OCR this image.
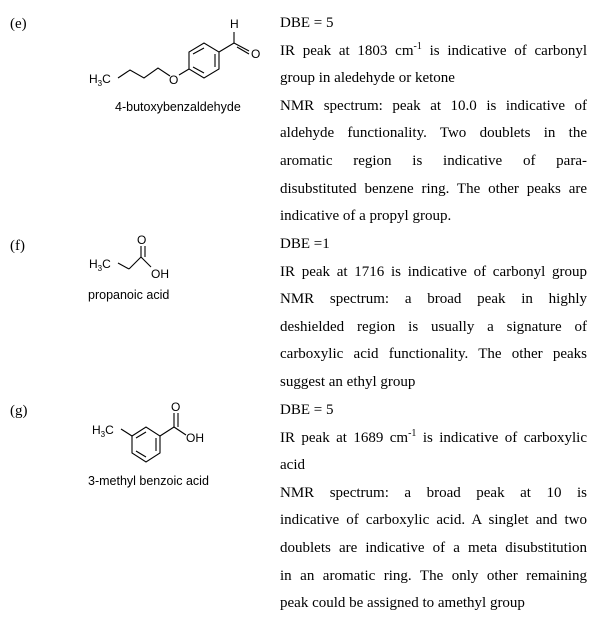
(e)
$H_3C$	O
H
O
4-butoxybenzaldehyde
DBE = 5
IR peak at 1803 $cm^{-1}$ is indicative of carbonyl
group in aledehyde or ketone
NMR spectrum: peak at 10.0 is indicative of
aldehyde functionality. Two doublets in the
aromatic region is indicative of para-
disubstituted benzene ring. The other peaks are
indicative of a propyl group.
(f)
$H_3C$
O
OH
propanoic acid
DBE =1
IR peak at 1716 is indicative of carbonyl group
NMR spectrum: a broad peak in highly
deshielded region is usually a signature of
carboxylic acid functionality. The other peaks
suggest an ethyl group
(g)
$H_3C$
O
OH
3-methyl benzoic acid
DBE = 5
IR peak at 1689 $cm^{-1}$ is indicative of carboxylic
acid
NMR spectrum: a broad peak at 10 is
indicative of carboxylic acid. A singlet and two
doublets are indicative of a meta disubstitution
in an aromatic ring. The only other remaining
peak could be assigned to amethyl group
